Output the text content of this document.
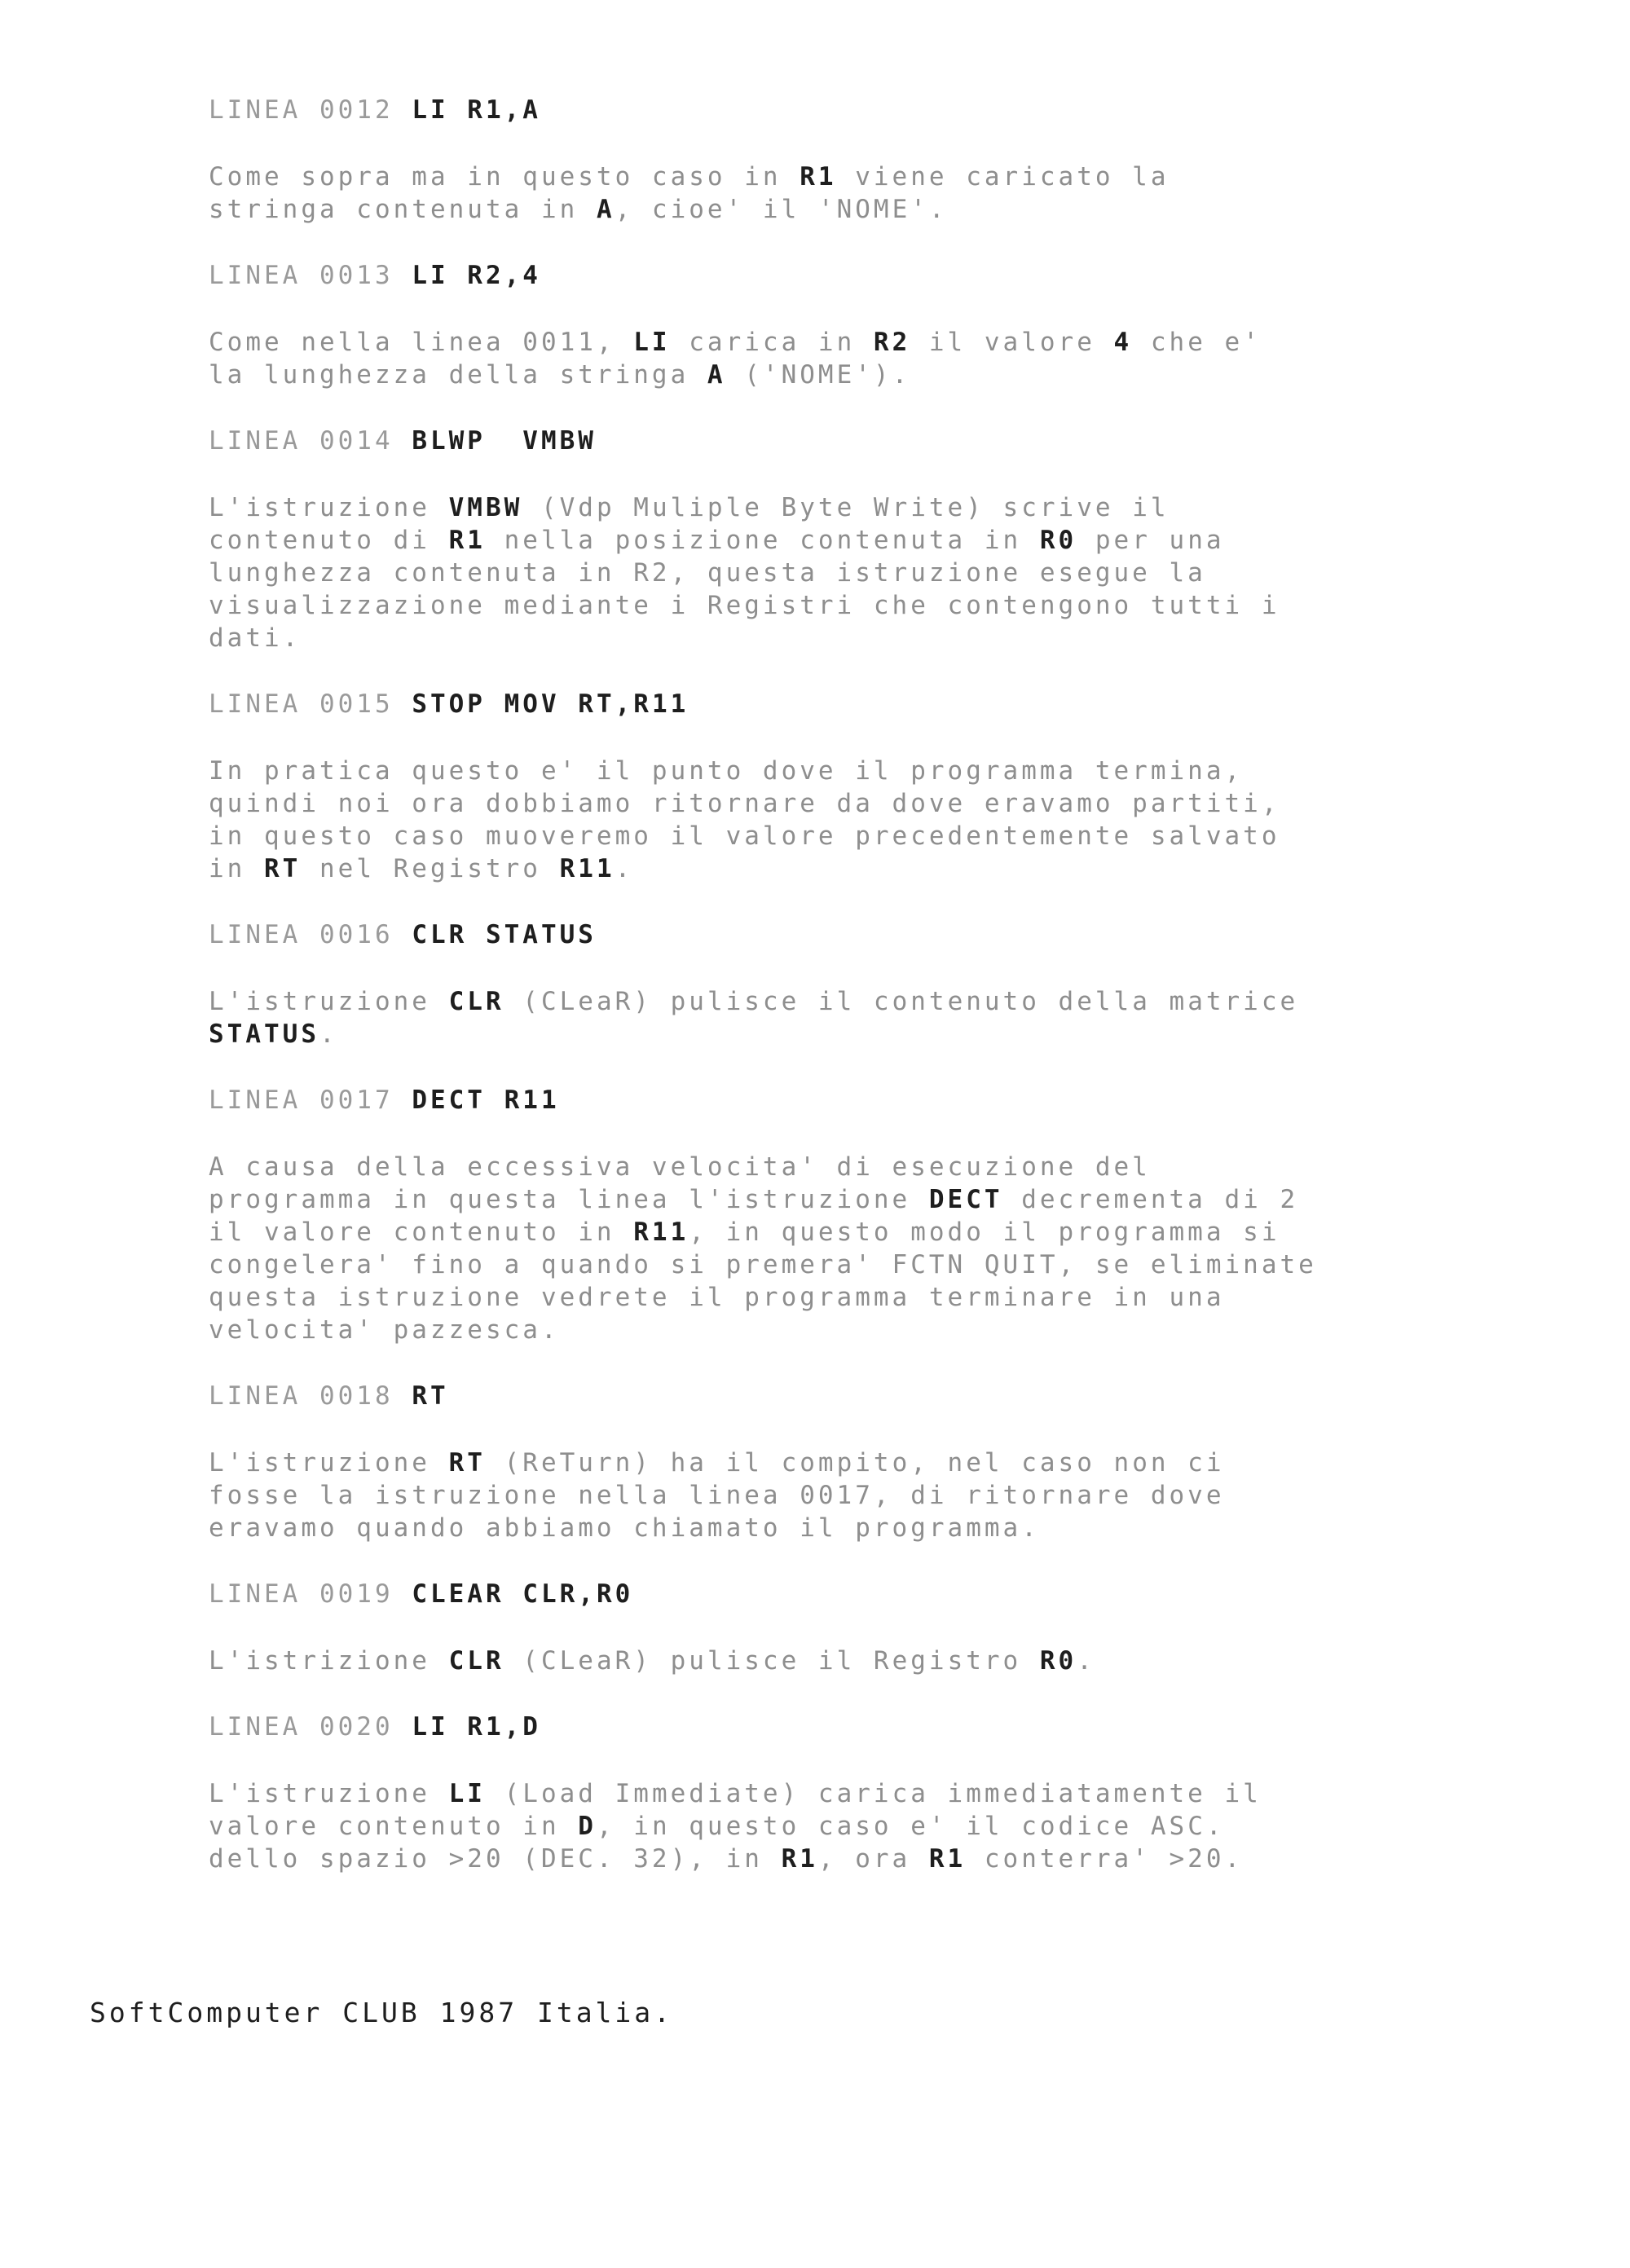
LINEA 0012 LI R1,A
Come sopra ma in questo caso in R1 viene caricato la
stringa contenuta in A, cioe' il 'NOME'.
LINEA 0013 LI R2,4
Come nella linea 0011, LI carica in R2 il valore 4 che e'
la lunghezza della stringa A ('NOME').
LINEA 0014 BLWP  VMBW
L'istruzione VMBW (Vdp Muliple Byte Write) scrive il
contenuto di R1 nella posizione contenuta in R0 per una
lunghezza contenuta in R2, questa istruzione esegue la
visualizzazione mediante i Registri che contengono tutti i
dati.
LINEA 0015 STOP MOV RT,R11
In pratica questo e' il punto dove il programma termina,
quindi noi ora dobbiamo ritornare da dove eravamo partiti,
in questo caso muoveremo il valore precedentemente salvato
in RT nel Registro R11.
LINEA 0016 CLR STATUS
L'istruzione CLR (CLeaR) pulisce il contenuto della matrice
STATUS.
LINEA 0017 DECT R11
A causa della eccessiva velocita' di esecuzione del
programma in questa linea l'istruzione DECT decrementa di 2
il valore contenuto in R11, in questo modo il programma si
congelera' fino a quando si premera' FCTN QUIT, se eliminate
questa istruzione vedrete il programma terminare in una
velocita' pazzesca.
LINEA 0018 RT
L'istruzione RT (ReTurn) ha il compito, nel caso non ci
fosse la istruzione nella linea 0017, di ritornare dove
eravamo quando abbiamo chiamato il programma.
LINEA 0019 CLEAR CLR,R0
L'istrizione CLR (CLeaR) pulisce il Registro R0.
LINEA 0020 LI R1,D
L'istruzione LI (Load Immediate) carica immediatamente il
valore contenuto in D, in questo caso e' il codice ASC.
dello spazio >20 (DEC. 32), in R1, ora R1 conterra' >20.
SoftComputer CLUB 1987 Italia.
